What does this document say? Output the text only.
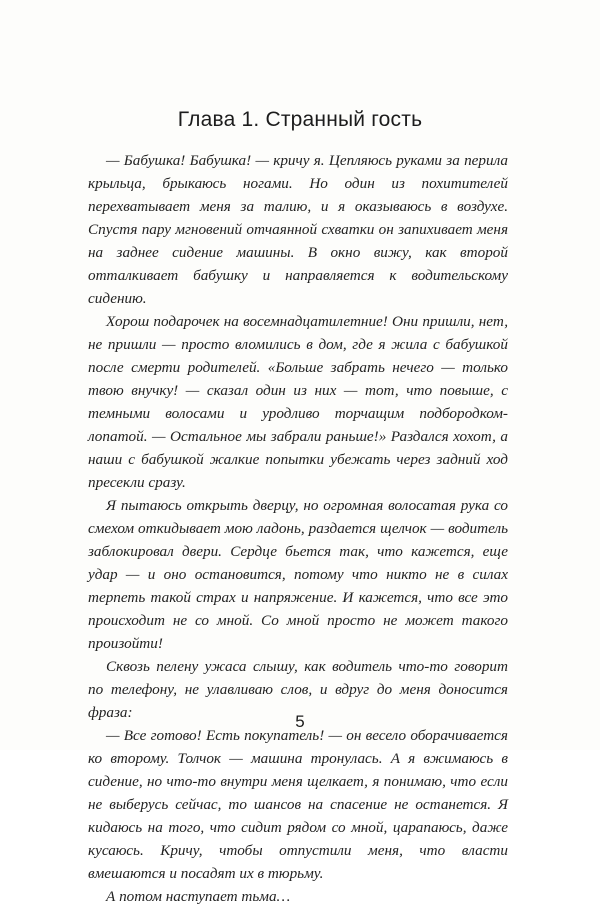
Глава 1. Странный гость

— Бабушка! Бабушка! — кричу я. Цепляюсь руками за перила крыльца, брыкаюсь ногами. Но один из похитителей перехватывает меня за талию, и я оказываюсь в воздухе. Спустя пару мгновений отчаянной схватки он запихивает меня на заднее сидение машины. В окно вижу, как второй отталкивает бабушку и направляется к водительскому сидению.

Хорош подарочек на восемнадцатилетние! Они пришли, нет, не пришли — просто вломились в дом, где я жила с бабушкой после смерти родителей. «Больше забрать нечего — только твою внучку! — сказал один из них — тот, что повыше, с темными волосами и уродливо торчащим подбородком-лопатой. — Остальное мы забрали раньше!» Раздался хохот, а наши с бабушкой жалкие попытки убежать через задний ход пресекли сразу.

Я пытаюсь открыть дверцу, но огромная волосатая рука со смехом откидывает мою ладонь, раздается щелчок — водитель заблокировал двери. Сердце бьется так, что кажется, еще удар — и оно остановится, потому что никто не в силах терпеть такой страх и напряжение. И кажется, что все это происходит не со мной. Со мной просто не может такого произойти!

Сквозь пелену ужаса слышу, как водитель что-то говорит по телефону, не улавливаю слов, и вдруг до меня доносится фраза:

— Все готово! Есть покупатель! — он весело оборачивается ко второму. Толчок — машина тронулась. А я вжимаюсь в сидение, но что-то внутри меня щелкает, я понимаю, что если не выберусь сейчас, то шансов на спасение не останется. Я кидаюсь на того, что сидит рядом со мной, царапаюсь, даже кусаюсь. Кричу, чтобы отпустили меня, что власти вмешаются и посадят их в тюрьму.

А потом наступает тьма…

5
